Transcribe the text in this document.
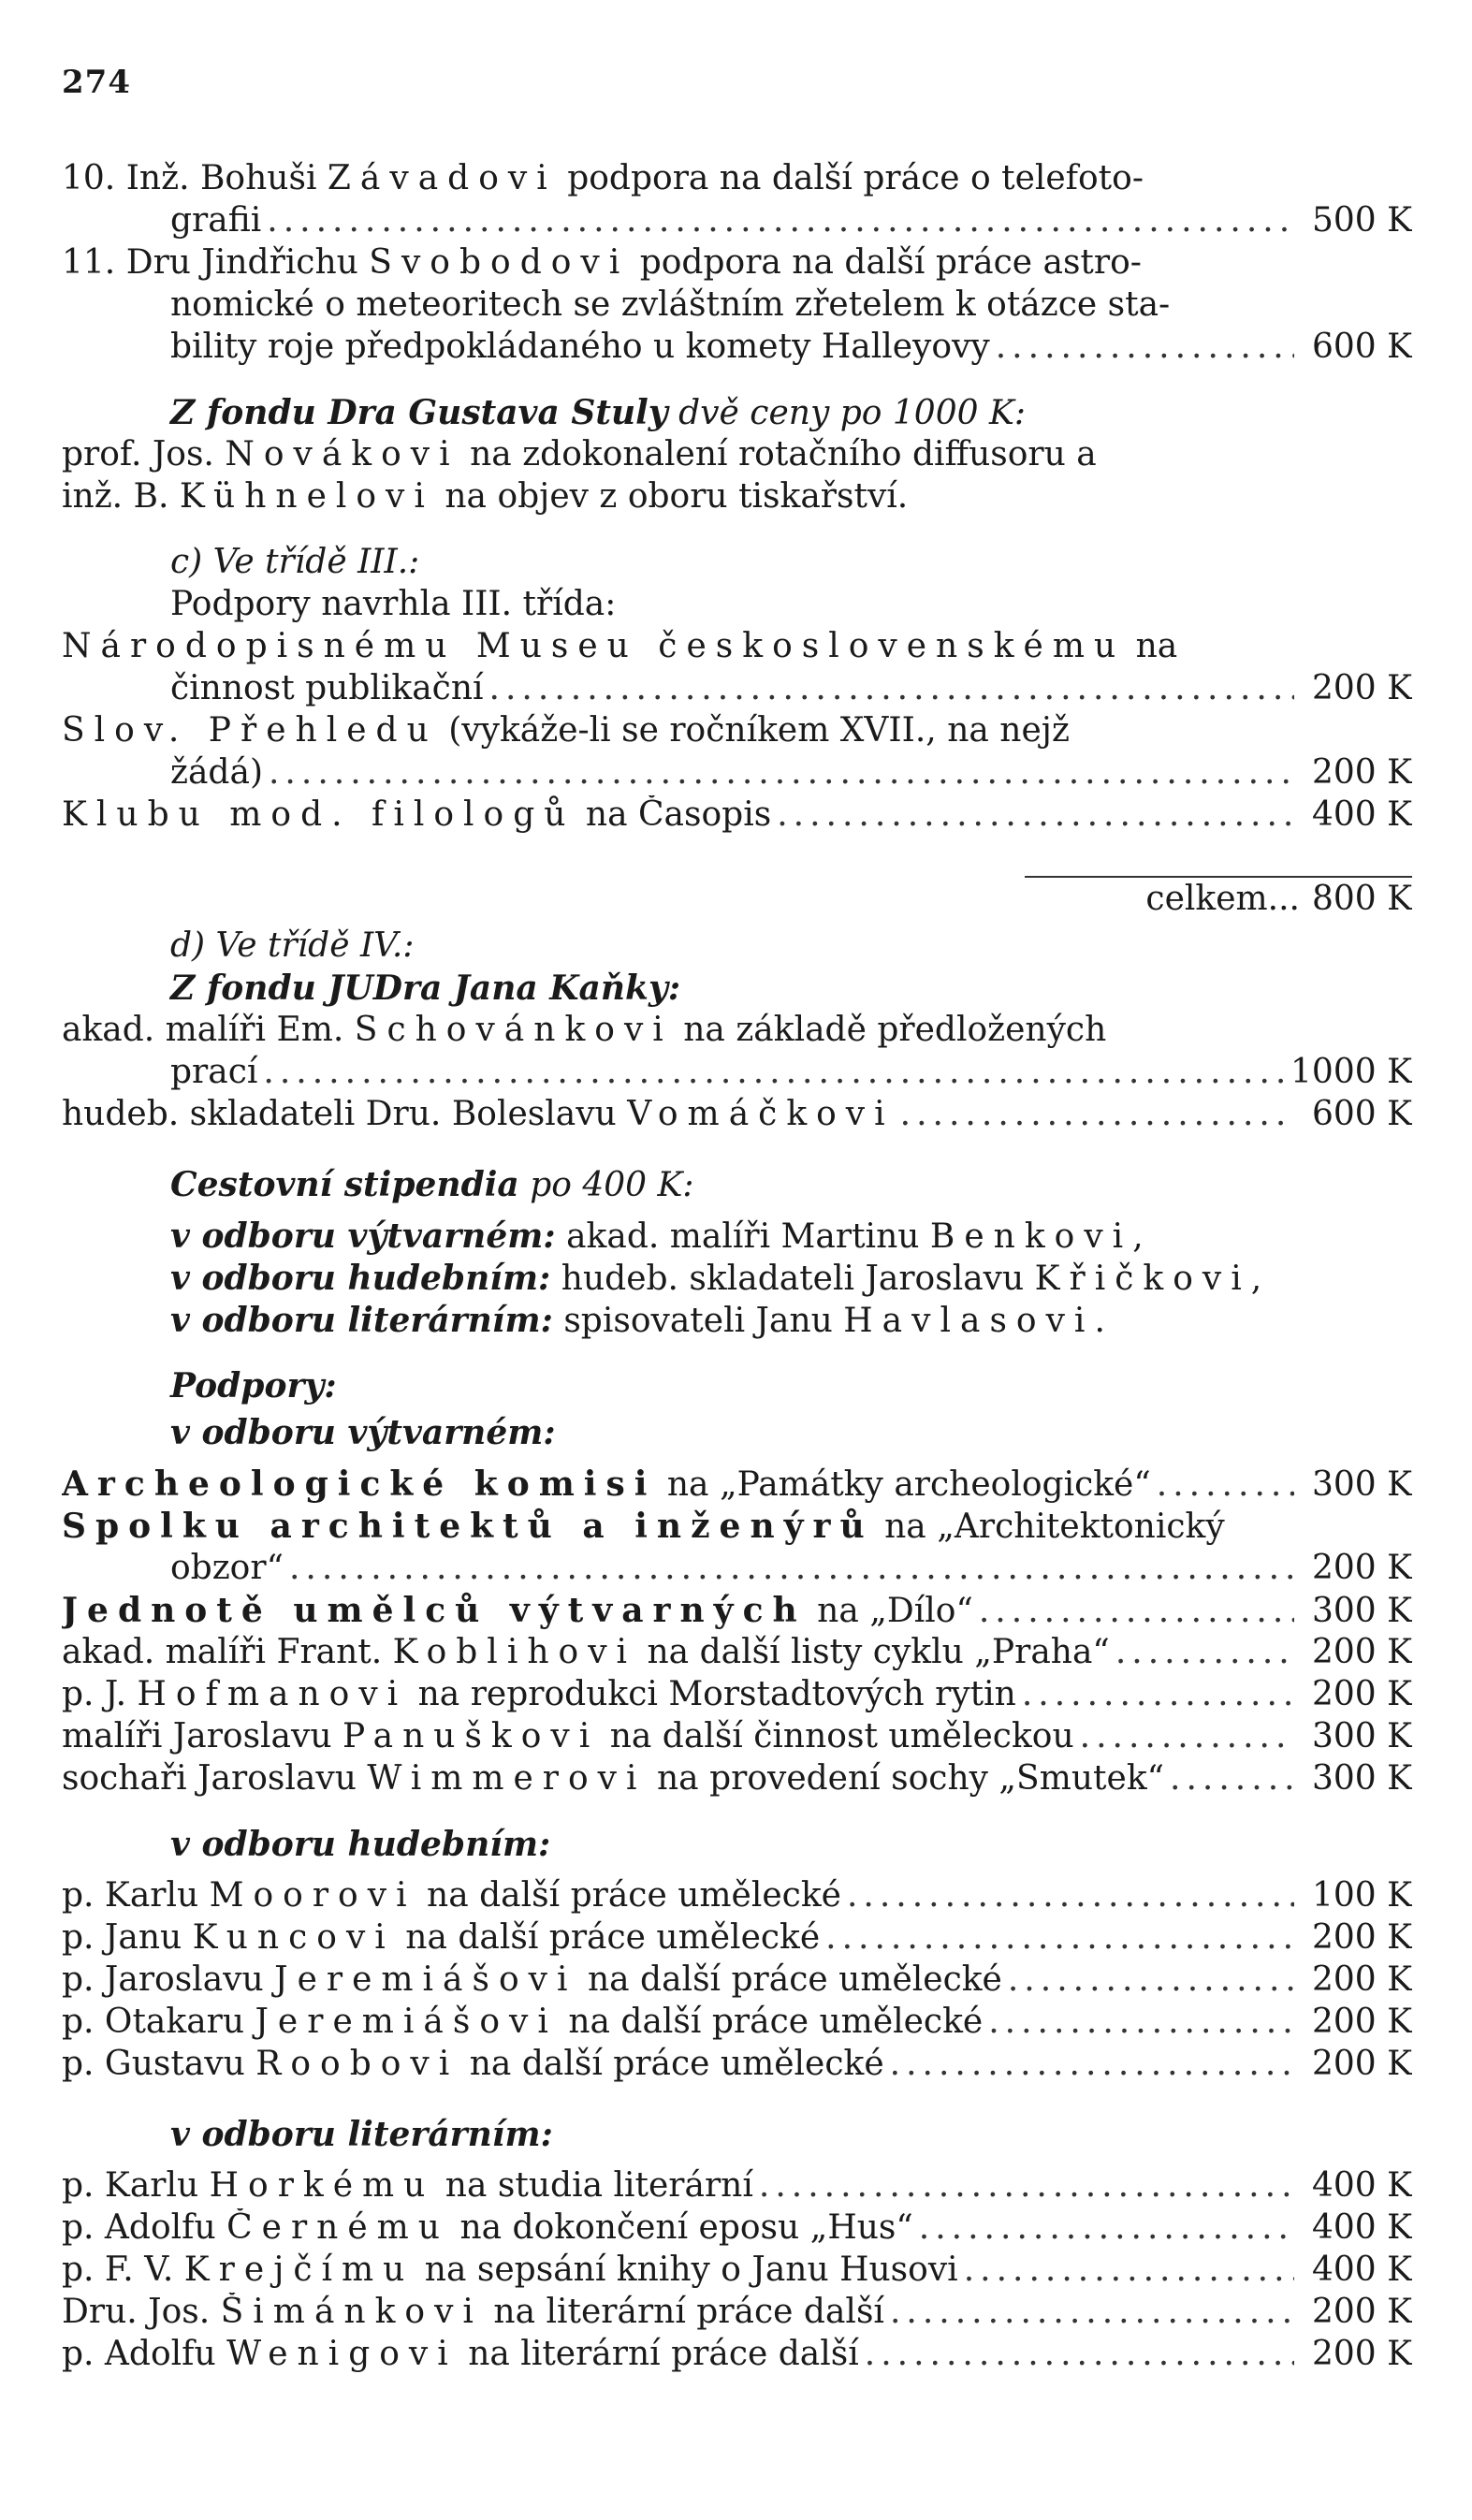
274
10. Inž. Bohuši Závadovi podpora na další práce o telefoto-
grafii .....	500 K
11. Dru Jindřichu Svobodovi podpora na další práce astro-
nomické o meteoritech se zvláštním zřetelem k otázce sta-
bility roje předpokládaného u komety Halleyovy .....	600 K
Z fondu Dra Gustava Stuly dvě ceny po 1000 K:
prof. Jos. Novákovi na zdokonalení rotačního diffusoru a
inž. B. Kühnelovi na objev z oboru tiskařství.
c) Ve třídě III.:
Podpory navrhla III. třída:
Národopisnému Museu československému na
činnost publikační .....	200 K
Slov. Přehledu (vykáže-li se ročníkem XVII., na nejž
žádá) .....	200 K
Klubu mod. filologů na Časopis .....	400 K
celkem... 800 K
d) Ve třídě IV.:
Z fondu JUDra Jana Kaňky:
akad. malíři Em. Schovánkovi na základě předložených
prací .....	1000 K
hudeb. skladateli Dru. Boleslavu Vomáčkovi .....	600 K
Cestovní stipendia po 400 K:
v odboru výtvarném: akad. malíři Martinu Benkovi,
v odboru hudebním: hudeb. skladateli Jaroslavu Křičkovi,
v odboru literárním: spisovateli Janu Havlasovi.
Podpory:
v odboru výtvarném:
Archeologické komisi na „Památky archeologické“ .....	300 K
Spolku architektů a inženýrů na „Architektonický
obzor“ .....	200 K
Jednotě umělců výtvarných na „Dílo“ .....	300 K
akad. malíři Frant. Koblihovi na další listy cyklu „Praha“ .....	200 K
p. J. Hofmanovi na reprodukci Morstadtových rytin .....	200 K
malíři Jaroslavu Panuškovi na další činnost uměleckou .....	300 K
sochaři Jaroslavu Wimmerovi na provedení sochy „Smutek“ .....	300 K
v odboru hudebním:
p. Karlu Moorovi na další práce umělecké .....	100 K
p. Janu Kuncovi na další práce umělecké .....	200 K
p. Jaroslavu Jeremiášovi na další práce umělecké .....	200 K
p. Otakaru Jeremiášovi na další práce umělecké .....	200 K
p. Gustavu Roobovi na další práce umělecké .....	200 K
v odboru literárním:
p. Karlu Horkému na studia literární .....	400 K
p. Adolfu Černému na dokončení eposu „Hus“ .....	400 K
p. F. V. Krejčímu na sepsání knihy o Janu Husovi .....	400 K
Dru. Jos. Šimánkovi na literární práce další .....	200 K
p. Adolfu Wenigovi na literární práce další .....	200 K
